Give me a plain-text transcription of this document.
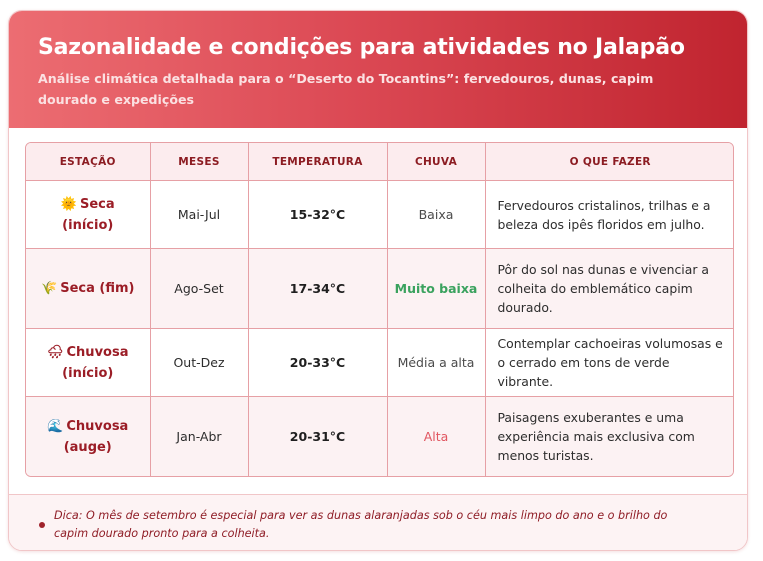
Sazonalidade e condições para atividades no Jalapão
Análise climática detalhada para o “Deserto do Tocantins”: fervedouros, dunas, capim dourado e expedições
ESTAÇÃO	MESES	TEMPERATURA	CHUVA	O QUE FAZER

🌞 Seca
(início)	Mai-Jul	15-32°C	Baixa	Fervedouros cristalinos, trilhas e a beleza dos ipês floridos em julho.

🌾 Seca (fim)	Ago-Set	17-34°C	Muito baixa	Pôr do sol nas dunas e vivenciar a colheita do emblemático capim dourado.

🌧 Chuvosa
(início)	Out-Dez	20-33°C	Média a alta	Contemplar cachoeiras volumosas e o cerrado em tons de verde vibrante.

🌊 Chuvosa
(auge)	Jan-Abr	20-31°C	Alta	Paisagens exuberantes e uma experiência mais exclusiva com menos turistas.
Dica: O mês de setembro é especial para ver as dunas alaranjadas sob o céu mais limpo do ano e o brilho do capim dourado pronto para a colheita.
